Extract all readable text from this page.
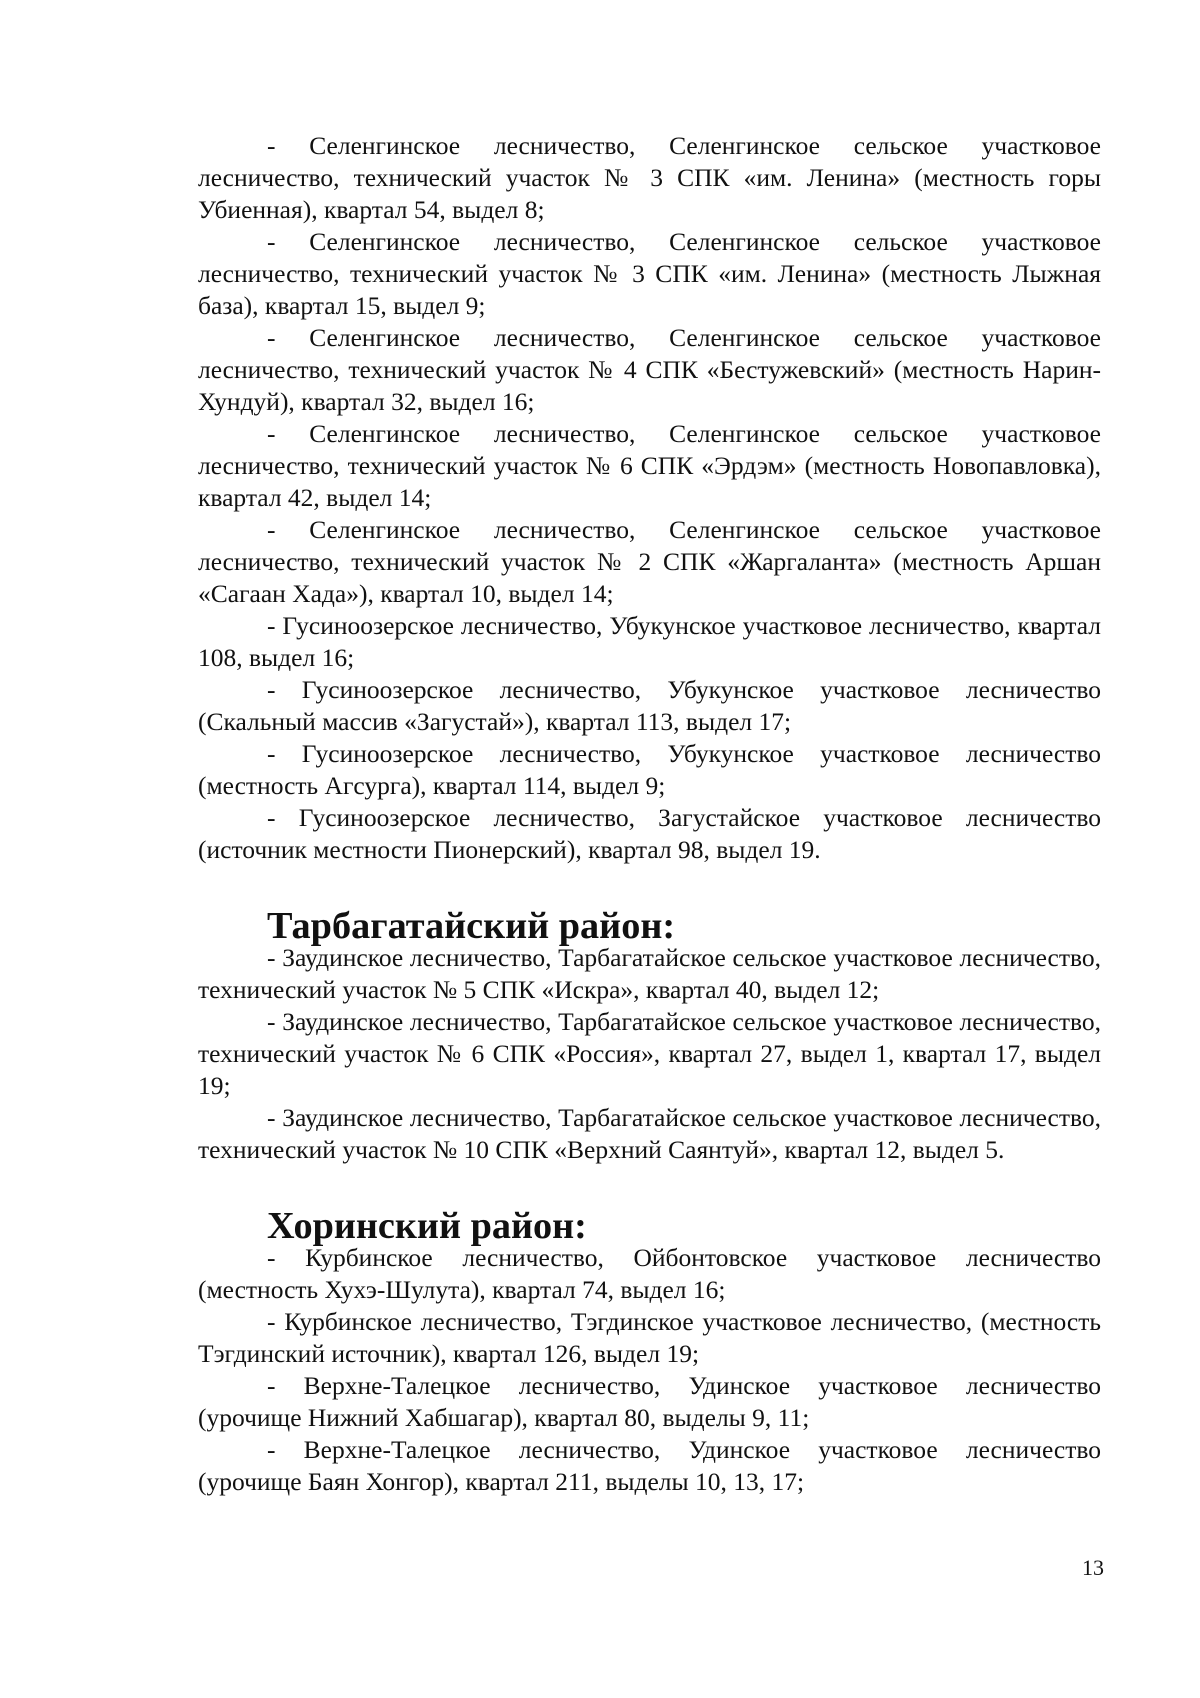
- Селенгинское лесничество, Селенгинское сельское участковое лесничество, технический участок № 3 СПК «им. Ленина» (местность горы Убиенная), квартал 54, выдел 8;

- Селенгинское лесничество, Селенгинское сельское участковое лесничество, технический участок № 3 СПК «им. Ленина» (местность Лыжная база), квартал 15, выдел 9;

- Селенгинское лесничество, Селенгинское сельское участковое лесничество, технический участок № 4 СПК «Бестужевский» (местность Нарин-Хундуй), квартал 32, выдел 16;

- Селенгинское лесничество, Селенгинское сельское участковое лесничество, технический участок № 6 СПК «Эрдэм» (местность Новопавловка), квартал 42, выдел 14;

- Селенгинское лесничество, Селенгинское сельское участковое лесничество, технический участок № 2 СПК «Жаргаланта» (местность Аршан «Сагаан Хада»), квартал 10, выдел 14;

- Гусиноозерское лесничество, Убукунское участковое лесничество, квартал 108, выдел 16;

- Гусиноозерское лесничество, Убукунское участковое лесничество (Скальный массив «Загустай»), квартал 113, выдел 17;

- Гусиноозерское лесничество, Убукунское участковое лесничество (местность Агсурга), квартал 114, выдел 9;

- Гусиноозерское лесничество, Загустайское участковое лесничество (источник местности Пионерский), квартал 98, выдел 19.

Тарбагатайский район:

- Заудинское лесничество, Тарбагатайское сельское участковое лесничество, технический участок № 5 СПК «Искра», квартал 40, выдел 12;

- Заудинское лесничество, Тарбагатайское сельское участковое лесничество, технический участок № 6 СПК «Россия», квартал 27, выдел 1, квартал 17, выдел 19;

- Заудинское лесничество, Тарбагатайское сельское участковое лесничество, технический участок № 10 СПК «Верхний Саянтуй», квартал 12, выдел 5.

Хоринский район:

- Курбинское лесничество, Ойбонтовское участковое лесничество (местность Хухэ-Шулута), квартал 74, выдел 16;

- Курбинское лесничество, Тэгдинское участковое лесничество, (местность Тэгдинский источник), квартал 126, выдел 19;

- Верхне-Талецкое лесничество, Удинское участковое лесничество (урочище Нижний Хабшагар), квартал 80, выделы 9, 11;

- Верхне-Талецкое лесничество, Удинское участковое лесничество (урочище Баян Хонгор), квартал 211, выделы 10, 13, 17;

13
